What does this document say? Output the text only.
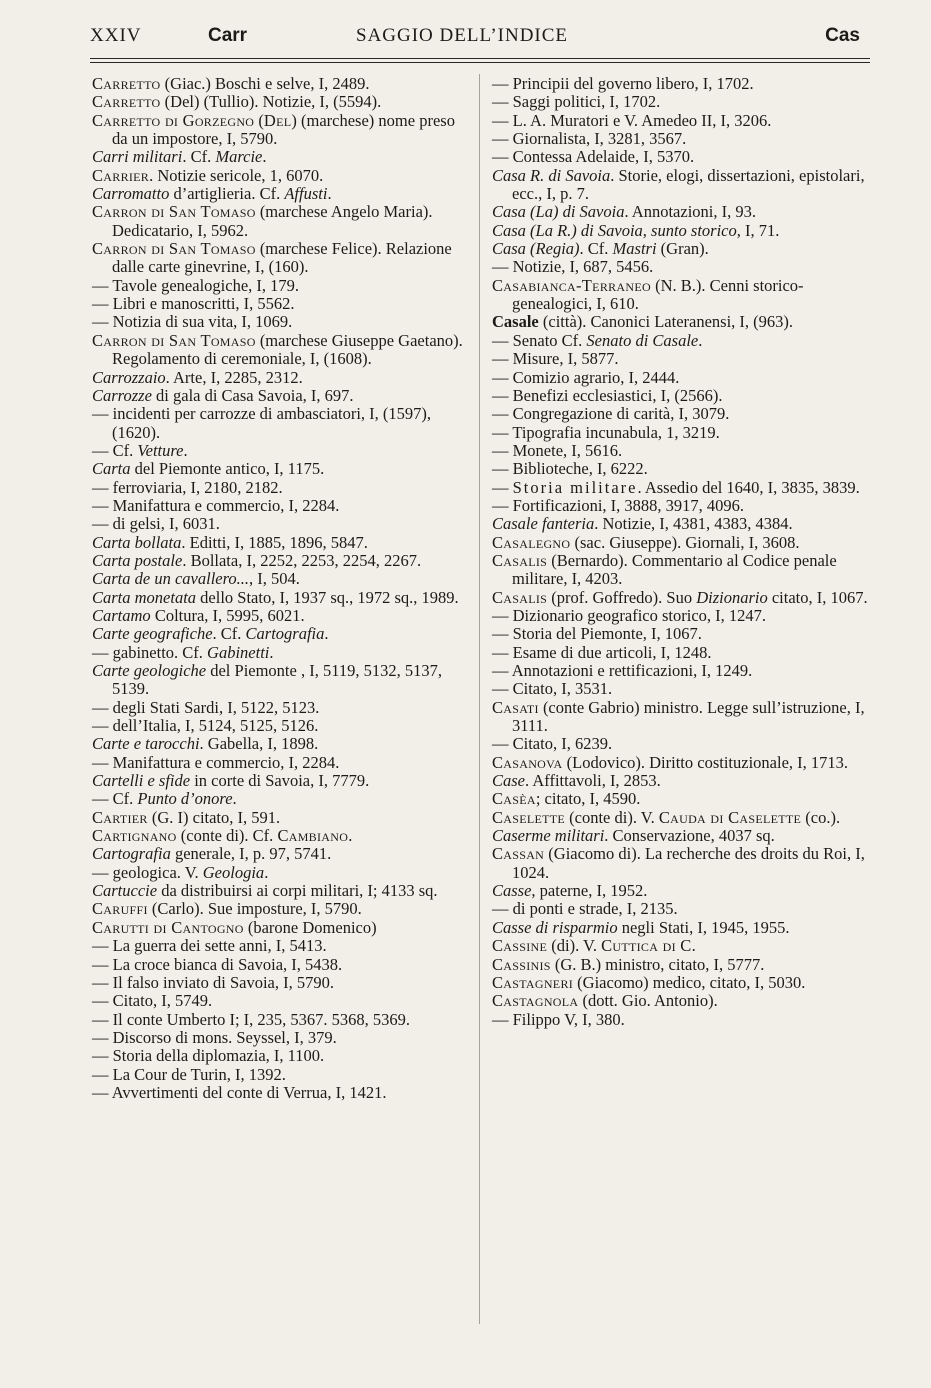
XXIV	Carr	SAGGIO DELL’INDICE	Cas
Carretto (Giac.) Boschi e selve, I, 2489.
Carretto (Del) (Tullio). Notizie, I, (5594).
Carretto di Gorzegno (Del) (marchese) nome preso da un impostore, I, 5790.
Carri militari. Cf. Marcie.
Carrier. Notizie sericole, 1, 6070.
Carromatto d’artiglieria. Cf. Affusti.
Carron di San Tomaso (marchese Angelo Maria). Dedicatario, I, 5962.
Carron di San Tomaso (marchese Felice). Relazione dalle carte ginevrine, I, (160).
— Tavole genealogiche, I, 179.
— Libri e manoscritti, I, 5562.
— Notizia di sua vita, I, 1069.
Carron di San Tomaso (marchese Giuseppe Gaetano). Regolamento di ceremoniale, I, (1608).
Carrozzaio. Arte, I, 2285, 2312.
Carrozze di gala di Casa Savoia, I, 697.
— incidenti per carrozze di ambasciatori, I, (1597), (1620).
— Cf. Vetture.
Carta del Piemonte antico, I, 1175.
— ferroviaria, I, 2180, 2182.
— Manifattura e commercio, I, 2284.
— di gelsi, I, 6031.
Carta bollata. Editti, I, 1885, 1896, 5847.
Carta postale. Bollata, I, 2252, 2253, 2254, 2267.
Carta de un cavallero..., I, 504.
Carta monetata dello Stato, I, 1937 sq., 1972 sq., 1989.
Cartamo Coltura, I, 5995, 6021.
Carte geografiche. Cf. Cartografia.
— gabinetto. Cf. Gabinetti.
Carte geologiche del Piemonte , I, 5119, 5132, 5137, 5139.
— degli Stati Sardi, I, 5122, 5123.
— dell’Italia, I, 5124, 5125, 5126.
Carte e tarocchi. Gabella, I, 1898.
— Manifattura e commercio, I, 2284.
Cartelli e sfide in corte di Savoia, I, 7779.
— Cf. Punto d’onore.
Cartier (G. I) citato, I, 591.
Cartignano (conte di). Cf. Cambiano.
Cartografia generale, I, p. 97, 5741.
— geologica. V. Geologia.
Cartuccie da distribuirsi ai corpi militari, I; 4133 sq.
Caruffi (Carlo). Sue imposture, I, 5790.
Carutti di Cantogno (barone Domenico)
— La guerra dei sette anni, I, 5413.
— La croce bianca di Savoia, I, 5438.
— Il falso inviato di Savoia, I, 5790.
— Citato, I, 5749.
— Il conte Umberto I; I, 235, 5367. 5368, 5369.
— Discorso di mons. Seyssel, I, 379.
— Storia della diplomazia, I, 1100.
— La Cour de Turin, I, 1392.
— Avvertimenti del conte di Verrua, I, 1421.
— Principii del governo libero, I, 1702.
— Saggi politici, I, 1702.
— L. A. Muratori e V. Amedeo II, I, 3206.
— Giornalista, I, 3281, 3567.
— Contessa Adelaide, I, 5370.
Casa R. di Savoia. Storie, elogi, dissertazioni, epistolari, ecc., I, p. 7.
Casa (La) di Savoia. Annotazioni, I, 93.
Casa (La R.) di Savoia, sunto storico, I, 71.
Casa (Regia). Cf. Mastri (Gran).
— Notizie, I, 687, 5456.
Casabianca-Terraneo (N. B.). Cenni storico-genealogici, I, 610.
Casale (città). Canonici Lateranensi, I, (963).
— Senato Cf. Senato di Casale.
— Misure, I, 5877.
— Comizio agrario, I, 2444.
— Benefizi ecclesiastici, I, (2566).
— Congregazione di carità, I, 3079.
— Tipografia incunabula, 1, 3219.
— Monete, I, 5616.
— Biblioteche, I, 6222.
— Storia militare. Assedio del 1640, I, 3835, 3839.
— Fortificazioni, I, 3888, 3917, 4096.
Casale fanteria. Notizie, I, 4381, 4383, 4384.
Casalegno (sac. Giuseppe). Giornali, I, 3608.
Casalis (Bernardo). Commentario al Codice penale militare, I, 4203.
Casalis (prof. Goffredo). Suo Dizionario citato, I, 1067.
— Dizionario geografico storico, I, 1247.
— Storia del Piemonte, I, 1067.
— Esame di due articoli, I, 1248.
— Annotazioni e rettificazioni, I, 1249.
— Citato, I, 3531.
Casati (conte Gabrio) ministro. Legge sull’istruzione, I, 3111.
— Citato, I, 6239.
Casanova (Lodovico). Diritto costituzionale, I, 1713.
Case. Affittavoli, I, 2853.
Casèa; citato, I, 4590.
Caselette (conte di). V. Cauda di Caselette (co.).
Caserme militari. Conservazione, 4037 sq.
Cassan (Giacomo di). La recherche des droits du Roi, I, 1024.
Casse, paterne, I, 1952.
— di ponti e strade, I, 2135.
Casse di risparmio negli Stati, I, 1945, 1955.
Cassine (di). V. Cuttica di C.
Cassinis (G. B.) ministro, citato, I, 5777.
Castagneri (Giacomo) medico, citato, I, 5030.
Castagnola (dott. Gio. Antonio).
— Filippo V, I, 380.
